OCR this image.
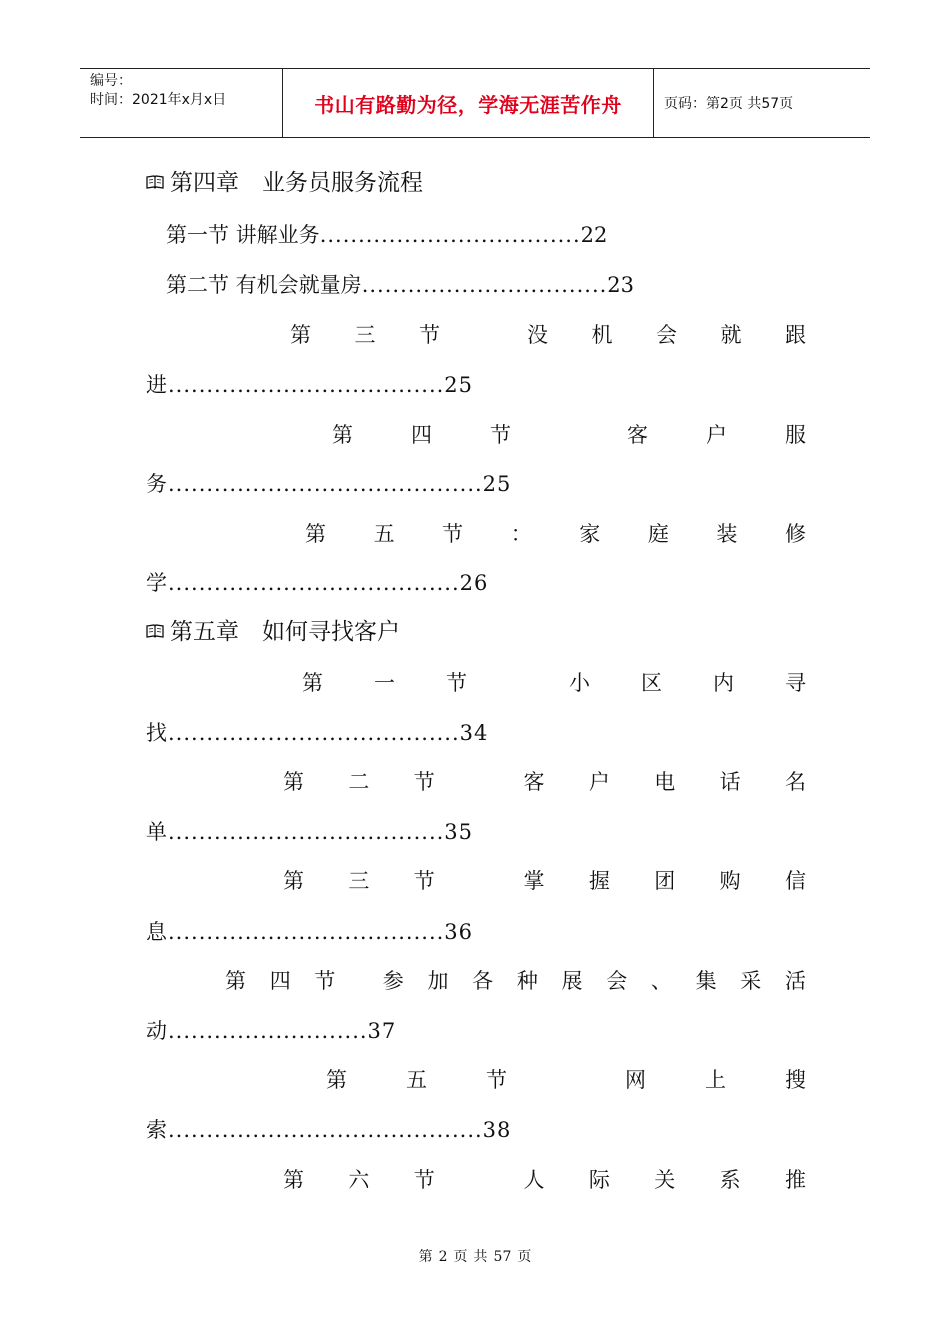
编号：
时间：2021年x月x日	书山有路勤为径，学海无涯苦作舟	页码：第2页 共57页
第四章　业务员服务流程
第一节 讲解业务..................................22
第二节 有机会就量房................................23
第 三 节	没 机 会 就 跟
进....................................25
第	四	节	客	户	服
务.........................................25
第 五 节 ： 家 庭 装 修
学......................................26
第五章　如何寻找客户
第 一 节	小 区 内 寻
找......................................34
第 二 节	客 户 电 话 名
单....................................35
第 三 节	掌 握 团 购 信
息....................................36
第 四 节 参 加 各 种 展 会 、 集 采 活
动..........................37
第	五	节	网	上	搜
索.........................................38
第 六 节	人 际 关 系 推
第 2 页 共 57 页
